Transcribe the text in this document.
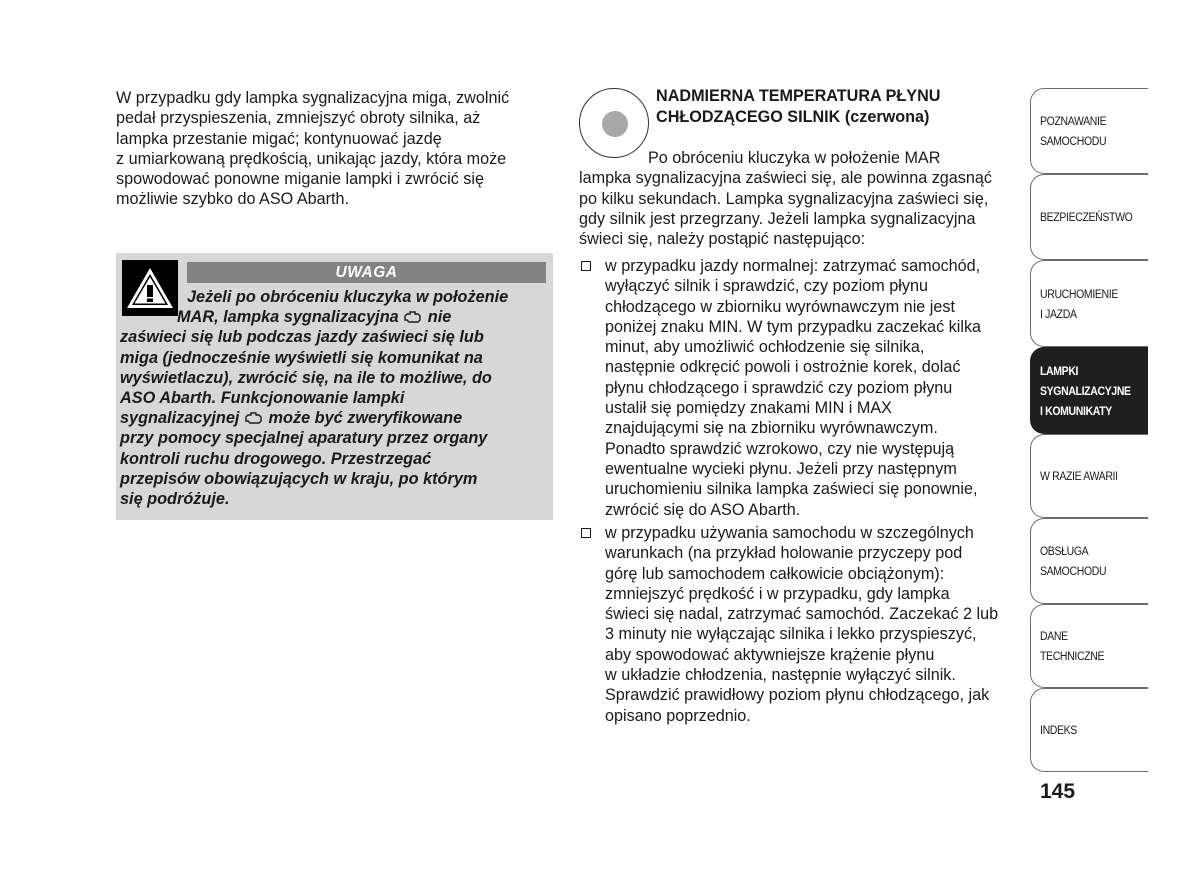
W przypadku gdy lampka sygnalizacyjna miga, zwolnić
pedał przyspieszenia, zmniejszyć obroty silnika, aż
lampka przestanie migać; kontynuować jazdę
z umiarkowaną prędkością, unikając jazdy, która może
spowodować ponowne miganie lampki i zwrócić się
możliwie szybko do ASO Abarth.

UWAGA
Jeżeli po obróceniu kluczyka w położenie
MAR, lampka sygnalizacyjna nie
zaświeci się lub podczas jazdy zaświeci się lub
miga (jednocześnie wyświetli się komunikat na
wyświetlaczu), zwrócić się, na ile to możliwe, do
ASO Abarth. Funkcjonowanie lampki
sygnalizacyjnej może być zweryfikowane
przy pomocy specjalnej aparatury przez organy
kontroli ruchu drogowego. Przestrzegać
przepisów obowiązujących w kraju, po którym
się podróżuje.
NADMIERNA TEMPERATURA PŁYNU
CHŁODZĄCEGO SILNIK (czerwona)
Po obróceniu kluczyka w położenie MAR
lampka sygnalizacyjna zaświeci się, ale powinna zgasnąć
po kilku sekundach. Lampka sygnalizacyjna zaświeci się,
gdy silnik jest przegrzany. Jeżeli lampka sygnalizacyjna
świeci się, należy postąpić następująco:
w przypadku jazdy normalnej: zatrzymać samochód,
wyłączyć silnik i sprawdzić, czy poziom płynu
chłodzącego w zbiorniku wyrównawczym nie jest
poniżej znaku MIN. W tym przypadku zaczekać kilka
minut, aby umożliwić ochłodzenie się silnika,
następnie odkręcić powoli i ostrożnie korek, dolać
płynu chłodzącego i sprawdzić czy poziom płynu
ustalił się pomiędzy znakami MIN i MAX
znajdującymi się na zbiorniku wyrównawczym.
Ponadto sprawdzić wzrokowo, czy nie występują
ewentualne wycieki płynu. Jeżeli przy następnym
uruchomieniu silnika lampka zaświeci się ponownie,
zwrócić się do ASO Abarth.
w przypadku używania samochodu w szczególnych
warunkach (na przykład holowanie przyczepy pod
górę lub samochodem całkowicie obciążonym):
zmniejszyć prędkość i w przypadku, gdy lampka
świeci się nadal, zatrzymać samochód. Zaczekać 2 lub
3 minuty nie wyłączając silnika i lekko przyspieszyć,
aby spowodować aktywniejsze krążenie płynu
w układzie chłodzenia, następnie wyłączyć silnik.
Sprawdzić prawidłowy poziom płynu chłodzącego, jak
opisano poprzednio.
POZNAWANIE
SAMOCHODU
BEZPIECZEŃSTWO
URUCHOMIENIE
I JAZDA
LAMPKI
SYGNALIZACYJNE
I KOMUNIKATY
W RAZIE AWARII
OBSŁUGA
SAMOCHODU
DANE
TECHNICZNE
INDEKS
145
